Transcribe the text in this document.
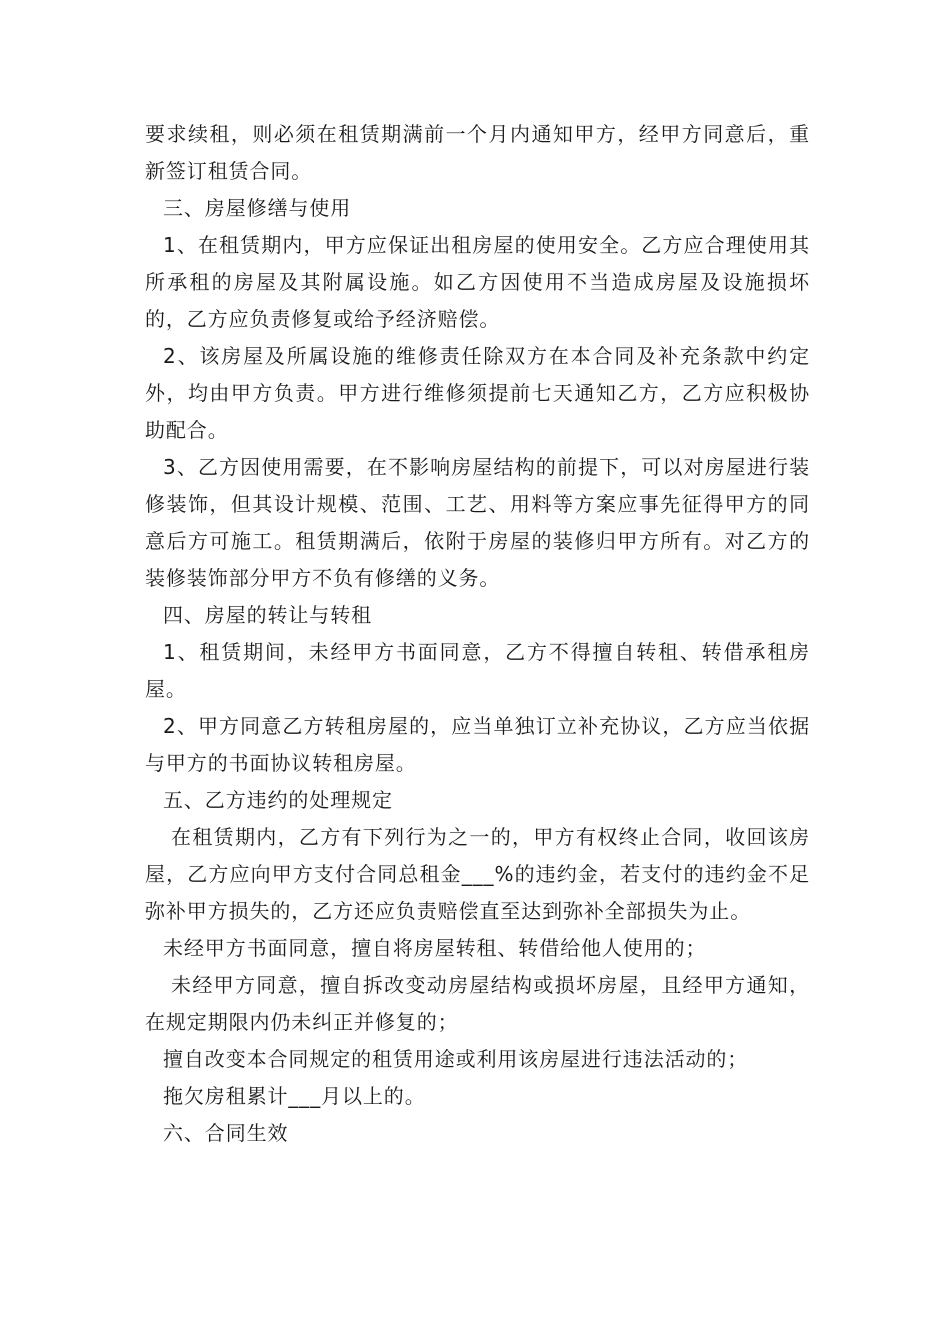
要求续租，则必须在租赁期满前一个月内通知甲方，经甲方同意后，重新签订租赁合同。

三、房屋修缮与使用

1、在租赁期内，甲方应保证出租房屋的使用安全。乙方应合理使用其所承租的房屋及其附属设施。如乙方因使用不当造成房屋及设施损坏的，乙方应负责修复或给予经济赔偿。

2、该房屋及所属设施的维修责任除双方在本合同及补充条款中约定外，均由甲方负责。甲方进行维修须提前七天通知乙方，乙方应积极协助配合。

3、乙方因使用需要，在不影响房屋结构的前提下，可以对房屋进行装修装饰，但其设计规模、范围、工艺、用料等方案应事先征得甲方的同意后方可施工。租赁期满后，依附于房屋的装修归甲方所有。对乙方的装修装饰部分甲方不负有修缮的义务。

四、房屋的转让与转租

1、租赁期间，未经甲方书面同意，乙方不得擅自转租、转借承租房屋。

2、甲方同意乙方转租房屋的，应当单独订立补充协议，乙方应当依据与甲方的书面协议转租房屋。

五、乙方违约的处理规定

在租赁期内，乙方有下列行为之一的，甲方有权终止合同，收回该房屋，乙方应向甲方支付合同总租金___%的违约金，若支付的违约金不足弥补甲方损失的，乙方还应负责赔偿直至达到弥补全部损失为止。

未经甲方书面同意，擅自将房屋转租、转借给他人使用的；

未经甲方同意，擅自拆改变动房屋结构或损坏房屋，且经甲方通知，在规定期限内仍未纠正并修复的；

擅自改变本合同规定的租赁用途或利用该房屋进行违法活动的；

拖欠房租累计___月以上的。

六、合同生效
